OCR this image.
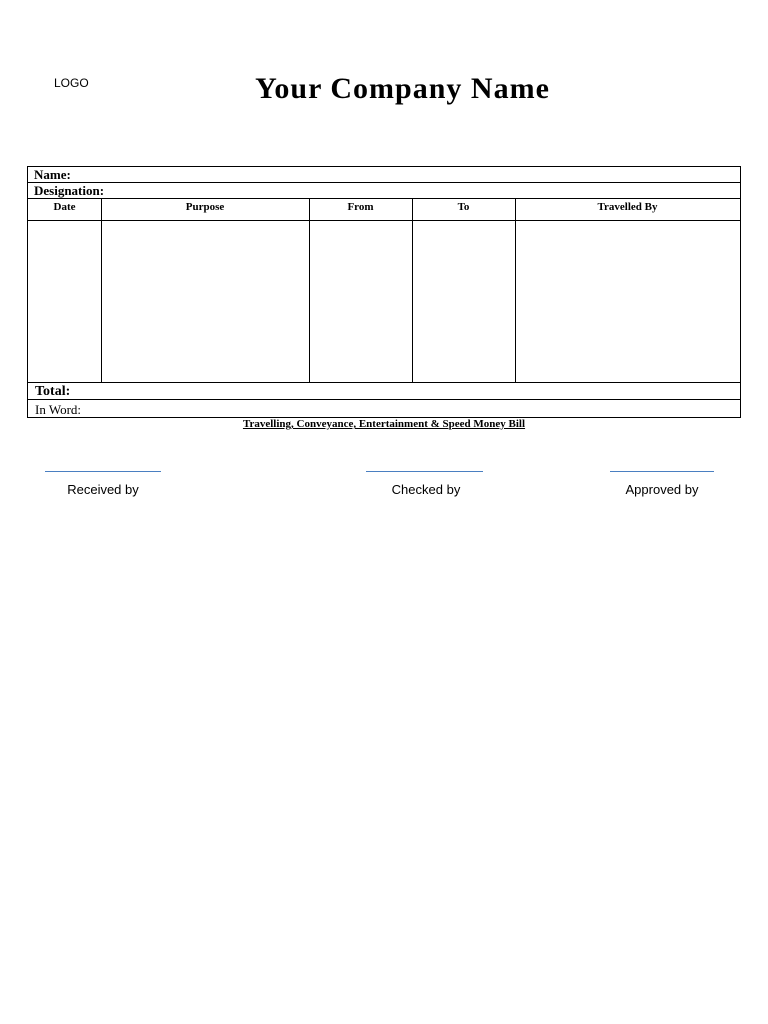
LOGO	Your Company Name
Name:
Designation:
Date	Purpose	From	To	Travelled By
Total:
In Word:
Travelling, Conveyance, Entertainment & Speed Money Bill
Received by	Checked by	Approved by
